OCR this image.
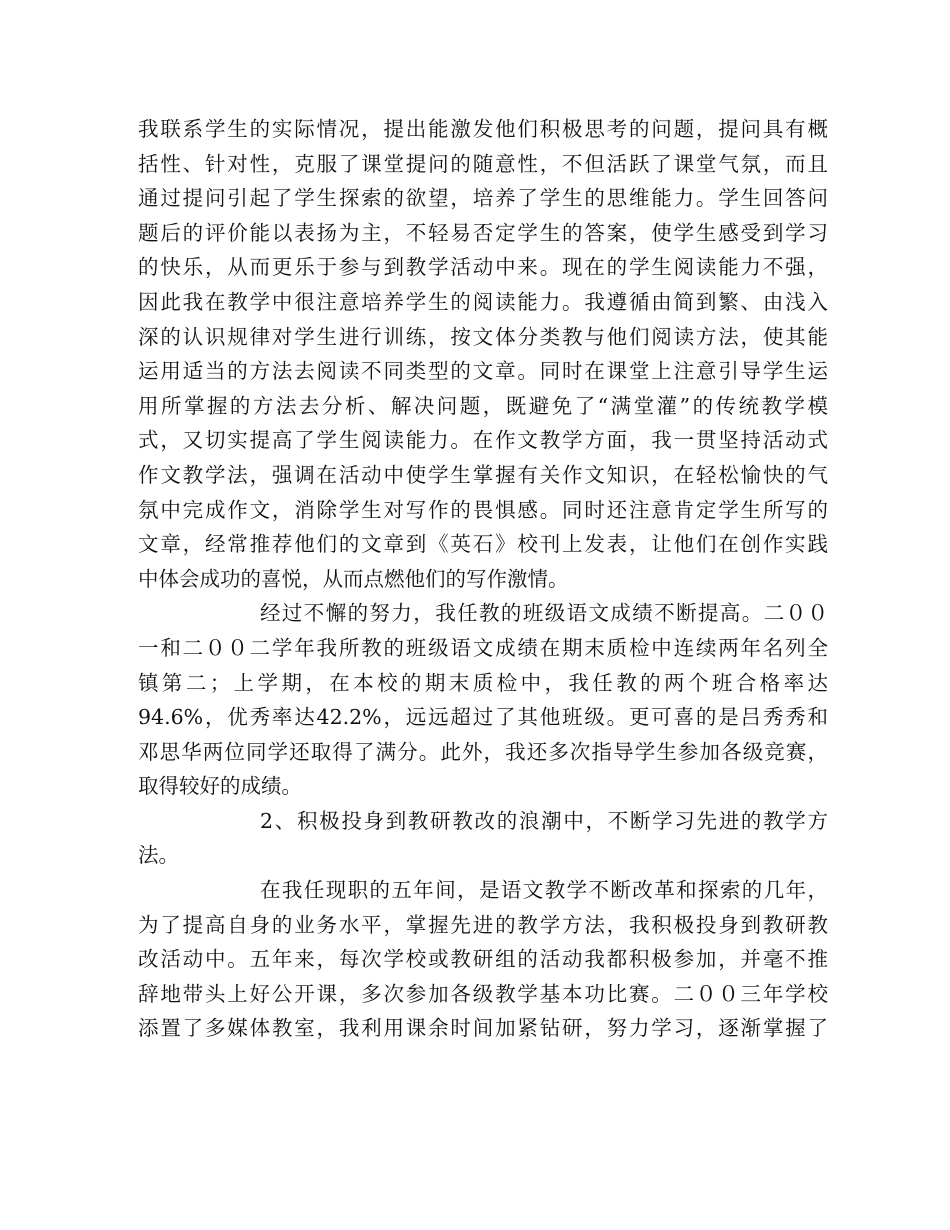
我联系学生的实际情况，提出能激发他们积极思考的问题，提问具有概
括性、针对性，克服了课堂提问的随意性，不但活跃了课堂气氛，而且
通过提问引起了学生探索的欲望，培养了学生的思维能力。学生回答问
题后的评价能以表扬为主，不轻易否定学生的答案，使学生感受到学习
的快乐，从而更乐于参与到教学活动中来。现在的学生阅读能力不强，
因此我在教学中很注意培养学生的阅读能力。我遵循由简到繁、由浅入
深的认识规律对学生进行训练，按文体分类教与他们阅读方法，使其能
运用适当的方法去阅读不同类型的文章。同时在课堂上注意引导学生运
用所掌握的方法去分析、解决问题，既避免了“满堂灌”的传统教学模
式，又切实提高了学生阅读能力。在作文教学方面，我一贯坚持活动式
作文教学法，强调在活动中使学生掌握有关作文知识，在轻松愉快的气
氛中完成作文，消除学生对写作的畏惧感。同时还注意肯定学生所写的
文章，经常推荐他们的文章到《英石》校刊上发表，让他们在创作实践
中体会成功的喜悦，从而点燃他们的写作激情。
经过不懈的努力，我任教的班级语文成绩不断提高。二００
一和二００二学年我所教的班级语文成绩在期末质检中连续两年名列全
镇第二；上学期，在本校的期末质检中，我任教的两个班合格率达
94.6%，优秀率达42.2%，远远超过了其他班级。更可喜的是吕秀秀和
邓思华两位同学还取得了满分。此外，我还多次指导学生参加各级竞赛，
取得较好的成绩。
2、积极投身到教研教改的浪潮中，不断学习先进的教学方
法。
在我任现职的五年间，是语文教学不断改革和探索的几年，
为了提高自身的业务水平，掌握先进的教学方法，我积极投身到教研教
改活动中。五年来，每次学校或教研组的活动我都积极参加，并毫不推
辞地带头上好公开课，多次参加各级教学基本功比赛。二００三年学校
添置了多媒体教室，我利用课余时间加紧钻研，努力学习，逐渐掌握了
